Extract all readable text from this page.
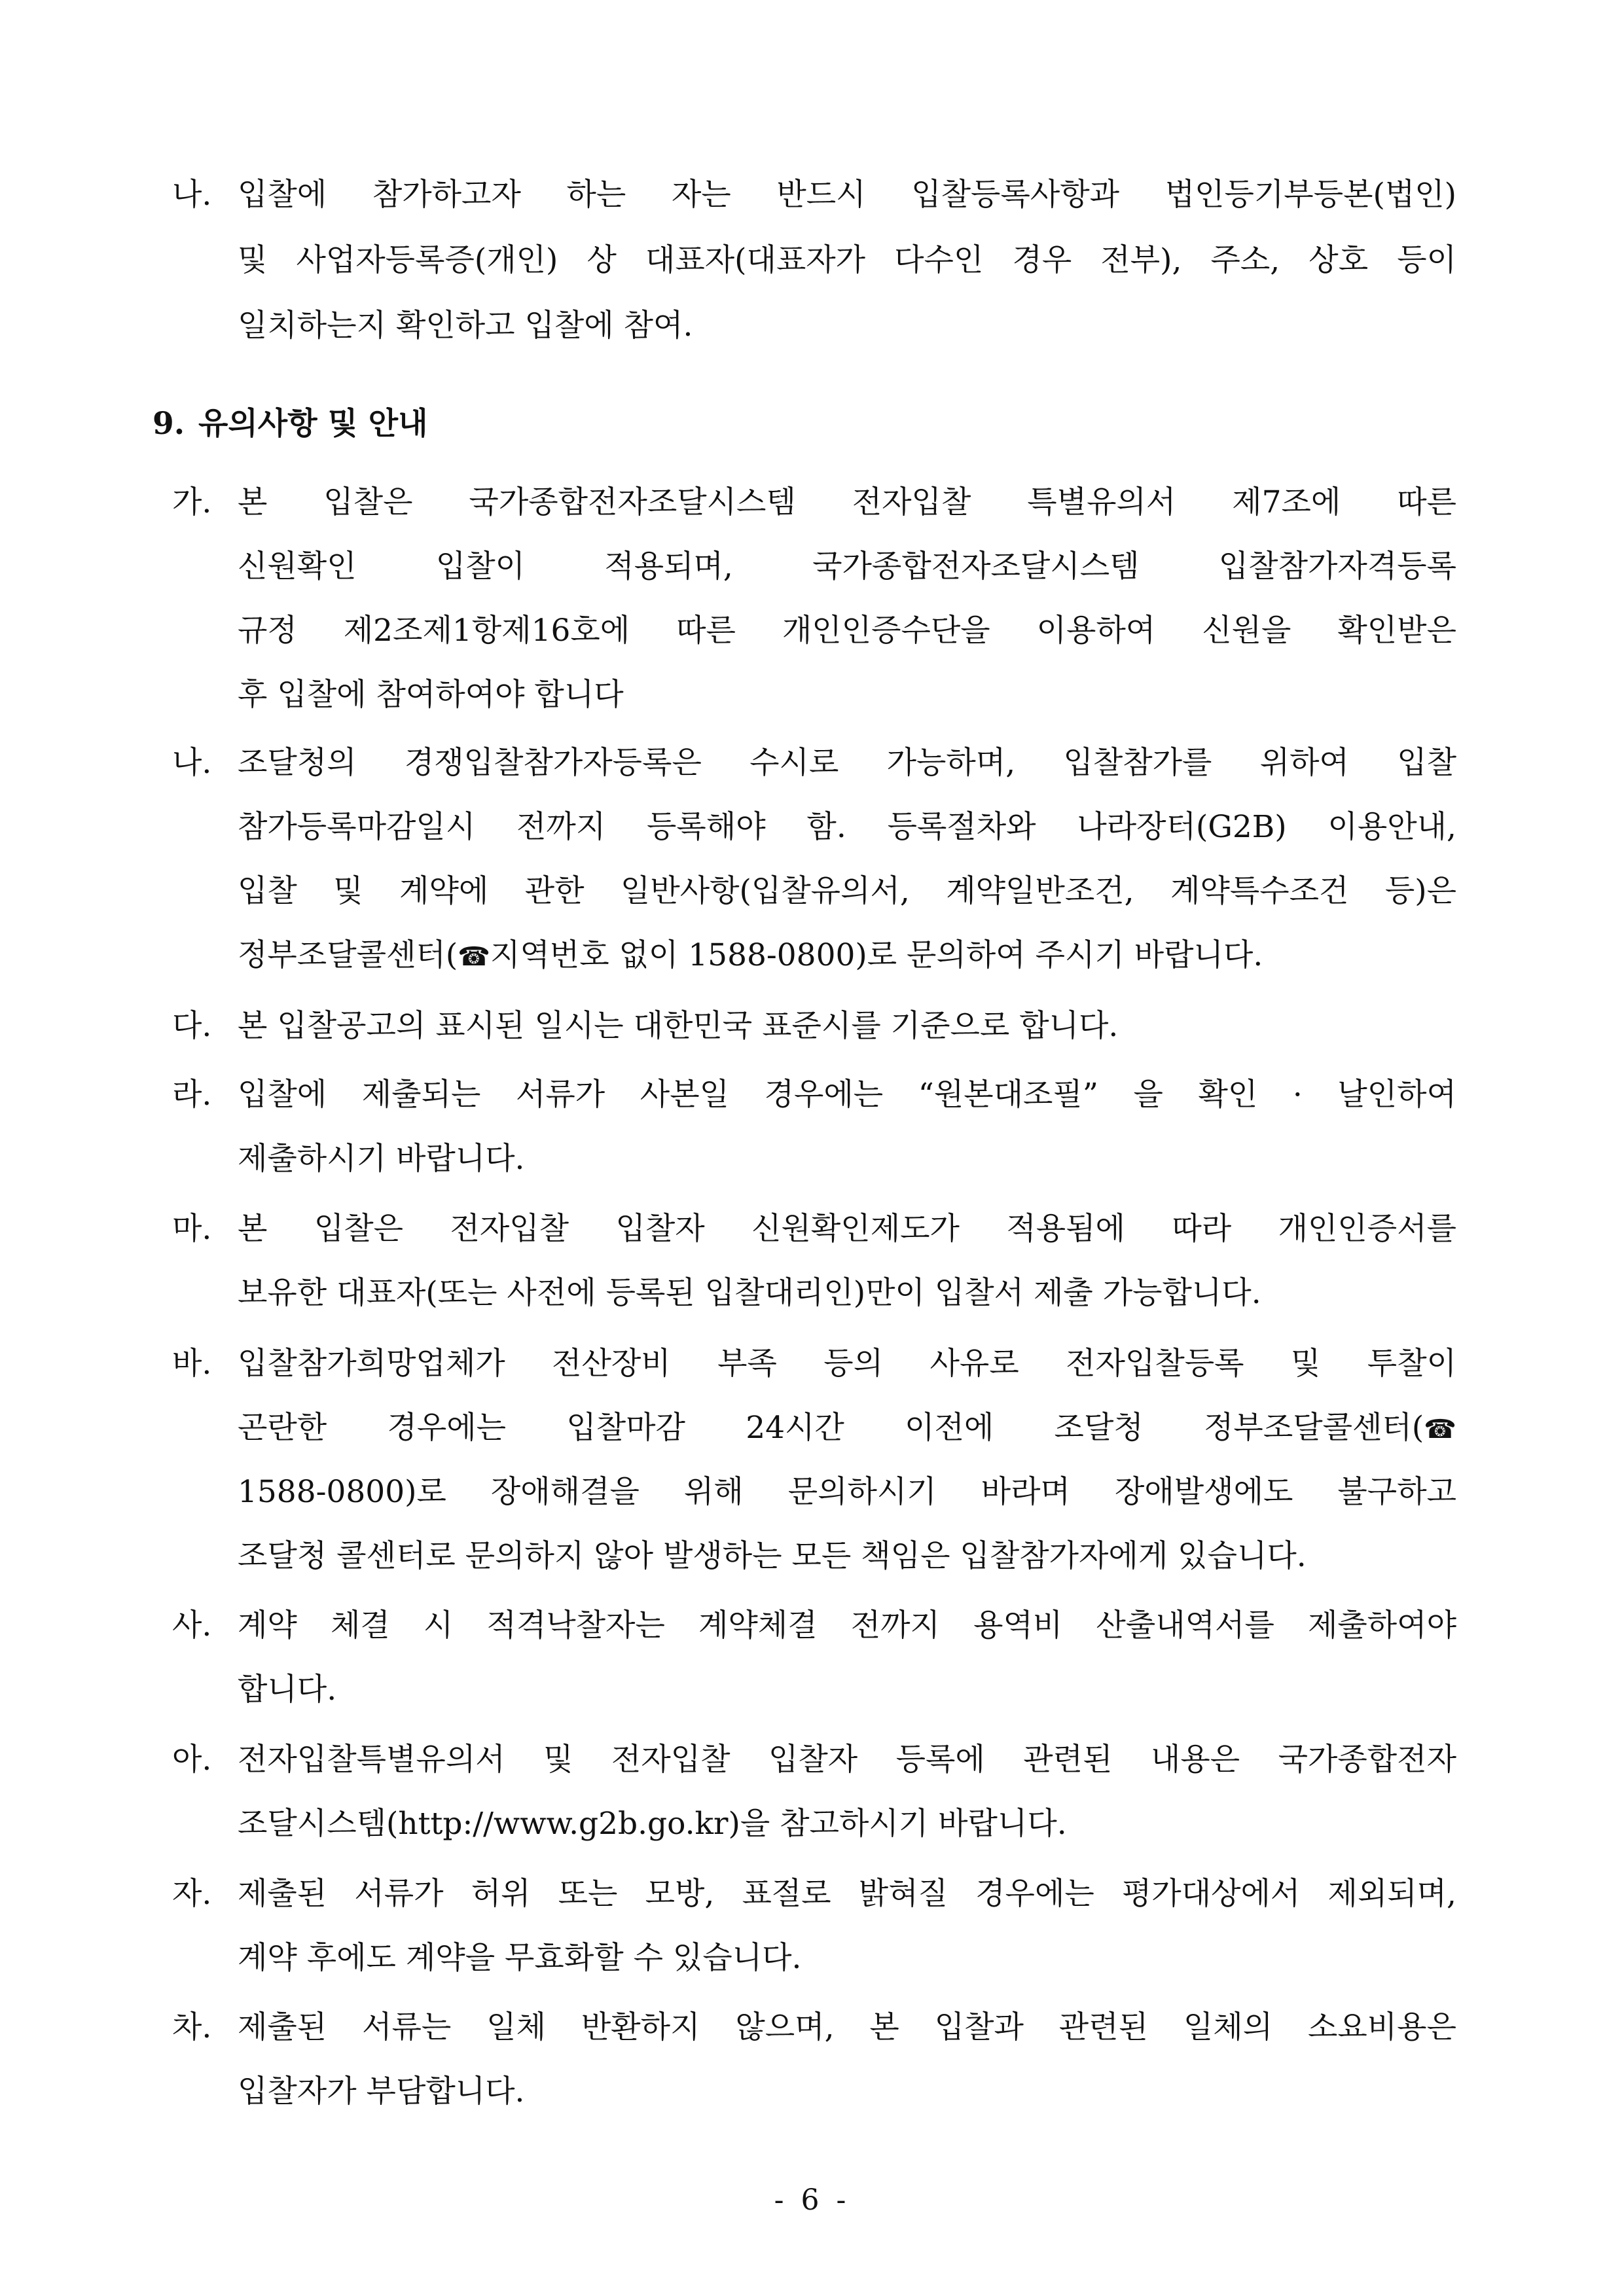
나. 입찰에 참가하고자 하는 자는 반드시 입찰등록사항과 법인등기부등본(법인)
및 사업자등록증(개인) 상 대표자(대표자가 다수인 경우 전부), 주소, 상호 등이
일치하는지 확인하고 입찰에 참여.
9. 유의사항 및 안내
가. 본 입찰은 국가종합전자조달시스템 전자입찰 특별유의서 제7조에 따른
신원확인 입찰이 적용되며, 국가종합전자조달시스템 입찰참가자격등록
규정 제2조제1항제16호에 따른 개인인증수단을 이용하여 신원을 확인받은
후 입찰에 참여하여야 합니다
나. 조달청의 경쟁입찰참가자등록은 수시로 가능하며, 입찰참가를 위하여 입찰
참가등록마감일시 전까지 등록해야 함. 등록절차와 나라장터(G2B) 이용안내,
입찰 및 계약에 관한 일반사항(입찰유의서, 계약일반조건, 계약특수조건 등)은
정부조달콜센터(☎지역번호 없이 1588-0800)로 문의하여 주시기 바랍니다.
다. 본 입찰공고의 표시된 일시는 대한민국 표준시를 기준으로 합니다.
라. 입찰에 제출되는 서류가 사본일 경우에는 “원본대조필” 을 확인 · 날인하여
제출하시기 바랍니다.
마. 본 입찰은 전자입찰 입찰자 신원확인제도가 적용됨에 따라 개인인증서를
보유한 대표자(또는 사전에 등록된 입찰대리인)만이 입찰서 제출 가능합니다.
바. 입찰참가희망업체가 전산장비 부족 등의 사유로 전자입찰등록 및 투찰이
곤란한 경우에는 입찰마감 24시간 이전에 조달청 정부조달콜센터(☎
1588-0800)로 장애해결을 위해 문의하시기 바라며 장애발생에도 불구하고
조달청 콜센터로 문의하지 않아 발생하는 모든 책임은 입찰참가자에게 있습니다.
사. 계약 체결 시 적격낙찰자는 계약체결 전까지 용역비 산출내역서를 제출하여야
합니다.
아. 전자입찰특별유의서 및 전자입찰 입찰자 등록에 관련된 내용은 국가종합전자
조달시스템(http://www.g2b.go.kr)을 참고하시기 바랍니다.
자. 제출된 서류가 허위 또는 모방, 표절로 밝혀질 경우에는 평가대상에서 제외되며,
계약 후에도 계약을 무효화할 수 있습니다.
차. 제출된 서류는 일체 반환하지 않으며, 본 입찰과 관련된 일체의 소요비용은
입찰자가 부담합니다.
- 6 -
